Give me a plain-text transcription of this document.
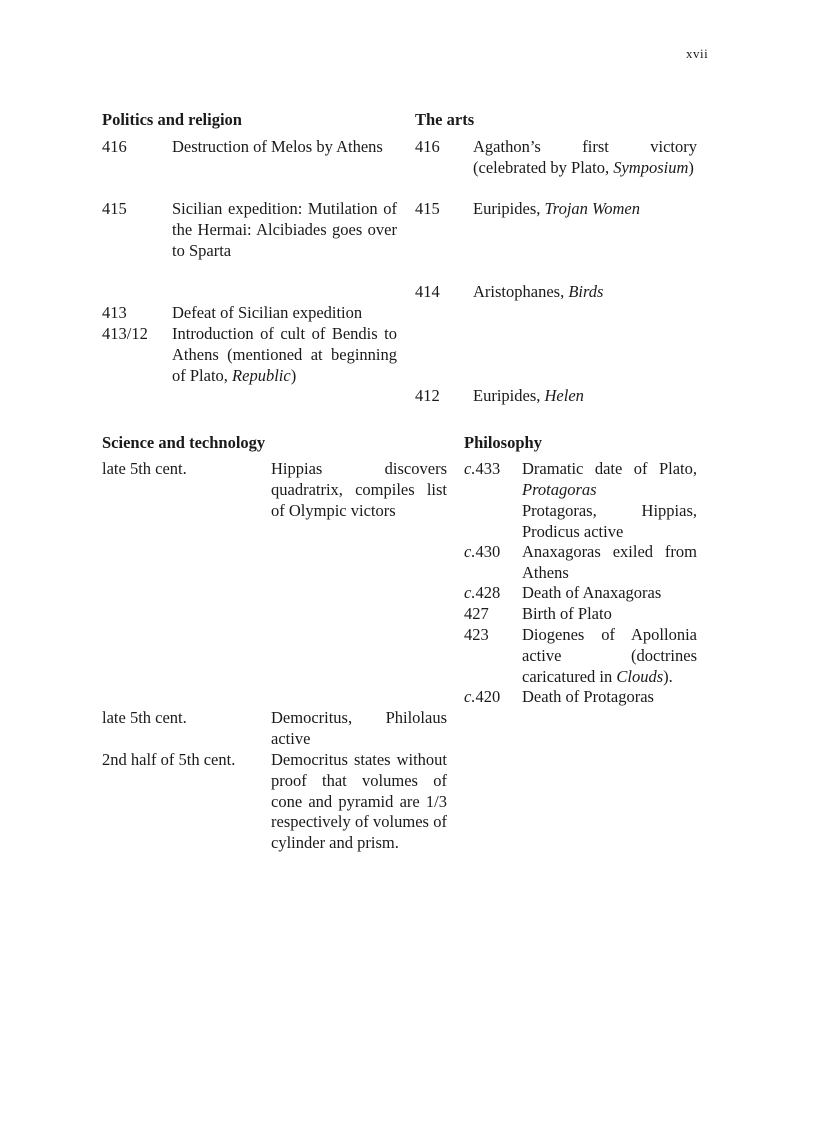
xvii
Politics and religion
416	Destruction of Melos by Athens
415	Sicilian expedition: Mutilation of the Hermai: Alcibiades goes over to Sparta
413	Defeat of Sicilian expedition
413/12 Introduction of cult of Bendis to Athens (mentioned at beginning of Plato, Republic)
The arts
416 Agathon’s first victory (celebrated by Plato, Symposium)
415 Euripides, Trojan Women
414 Aristophanes, Birds
412 Euripides, Helen
Science and technology
late 5th cent.	Hippias discovers quadratrix, compiles list of Olympic victors
late 5th cent.	Democritus, Philolaus active
2nd half of 5th cent. Democritus states without proof that volumes of cone and pyramid are 1/3 respectively of volumes of cylinder and prism.
Philosophy
c.433 Dramatic date of Plato, Protagoras
Protagoras, Hippias, Prodicus active
c.430 Anaxagoras exiled from Athens
c.428 Death of Anaxagoras
427 Birth of Plato
423 Diogenes of Apollonia active (doctrines caricatured in Clouds).
c.420 Death of Protagoras
